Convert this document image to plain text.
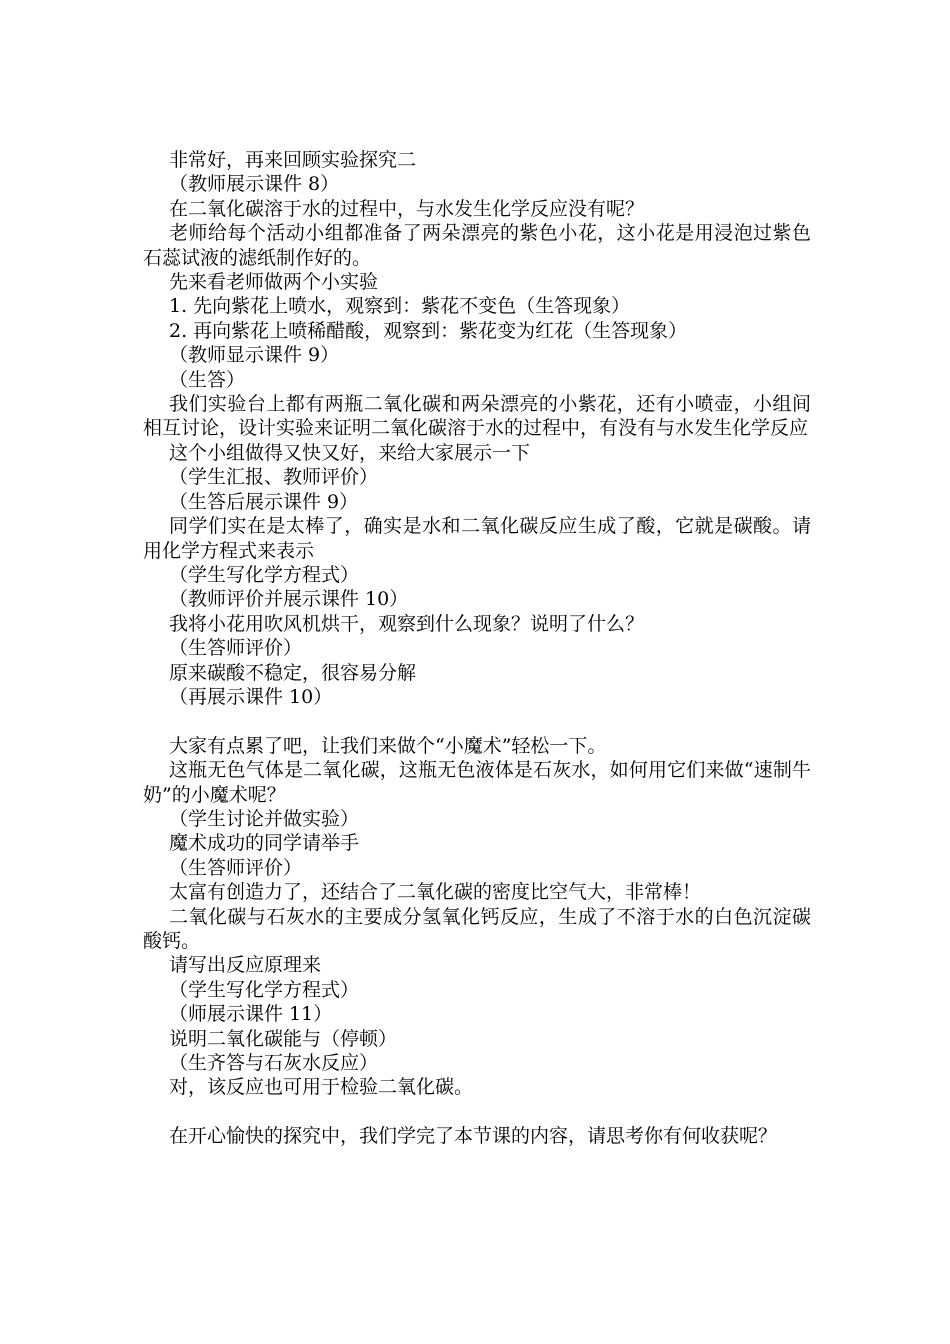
非常好，再来回顾实验探究二

（教师展示课件 8）

在二氧化碳溶于水的过程中，与水发生化学反应没有呢？

老师给每个活动小组都准备了两朵漂亮的紫色小花，这小花是用浸泡过紫色石蕊试液的滤纸制作好的。

先来看老师做两个小实验

1. 先向紫花上喷水，观察到：紫花不变色（生答现象）

2. 再向紫花上喷稀醋酸，观察到：紫花变为红花（生答现象）

（教师显示课件 9）

（生答）

我们实验台上都有两瓶二氧化碳和两朵漂亮的小紫花，还有小喷壶，小组间相互讨论，设计实验来证明二氧化碳溶于水的过程中，有没有与水发生化学反应

这个小组做得又快又好，来给大家展示一下

（学生汇报、教师评价）

（生答后展示课件 9）

同学们实在是太棒了，确实是水和二氧化碳反应生成了酸，它就是碳酸。请用化学方程式来表示

（学生写化学方程式）

（教师评价并展示课件 10）

我将小花用吹风机烘干，观察到什么现象？说明了什么？

（生答师评价）

原来碳酸不稳定，很容易分解

（再展示课件 10）

大家有点累了吧，让我们来做个“小魔术”轻松一下。

这瓶无色气体是二氧化碳，这瓶无色液体是石灰水，如何用它们来做“速制牛奶”的小魔术呢？

（学生讨论并做实验）

魔术成功的同学请举手

（生答师评价）

太富有创造力了，还结合了二氧化碳的密度比空气大，非常棒！

二氧化碳与石灰水的主要成分氢氧化钙反应，生成了不溶于水的白色沉淀碳酸钙。

请写出反应原理来

（学生写化学方程式）

（师展示课件 11）

说明二氧化碳能与（停顿）

（生齐答与石灰水反应）

对，该反应也可用于检验二氧化碳。

在开心愉快的探究中，我们学完了本节课的内容，请思考你有何收获呢？
